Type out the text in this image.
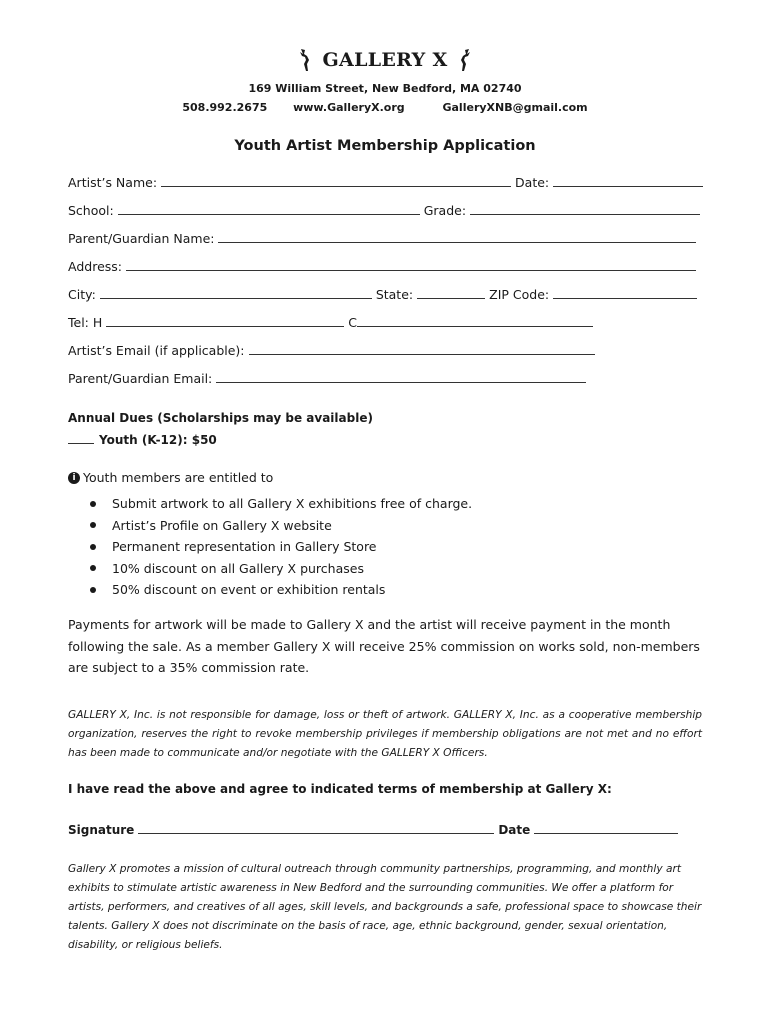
GALLERY X
169 William Street, New Bedford, MA 02740
508.992.2675 www.GalleryX.org	GalleryXNB@gmail.com
Youth Artist Membership Application
Artist’s Name:	Date:
School:	Grade:
Parent/Guardian Name:
Address:
City:	State:	ZIP Code:
Tel: H	C
Artist’s Email (if applicable):
Parent/Guardian Email:
Annual Dues (Scholarships may be available)
Youth (K-12): $50
i Youth members are entitled to
Submit artwork to all Gallery X exhibitions free of charge.
Artist’s Profile on Gallery X website
Permanent representation in Gallery Store
10% discount on all Gallery X purchases
50% discount on event or exhibition rentals
Payments for artwork will be made to Gallery X and the artist will receive payment in the month following the sale. As a member Gallery X will receive 25% commission on works sold, non-members are subject to a 35% commission rate.
GALLERY X, Inc. is not responsible for damage, loss or theft of artwork. GALLERY X, Inc. as a cooperative membership organization, reserves the right to revoke membership privileges if membership obligations are not met and no effort has been made to communicate and/or negotiate with the GALLERY X Officers.
I have read the above and agree to indicated terms of membership at Gallery X:
Signature	Date
Gallery X promotes a mission of cultural outreach through community partnerships, programming, and monthly art exhibits to stimulate artistic awareness in New Bedford and the surrounding communities. We offer a platform for artists, performers, and creatives of all ages, skill levels, and backgrounds a safe, professional space to showcase their talents. Gallery X does not discriminate on the basis of race, age, ethnic background, gender, sexual orientation, disability, or religious beliefs.
